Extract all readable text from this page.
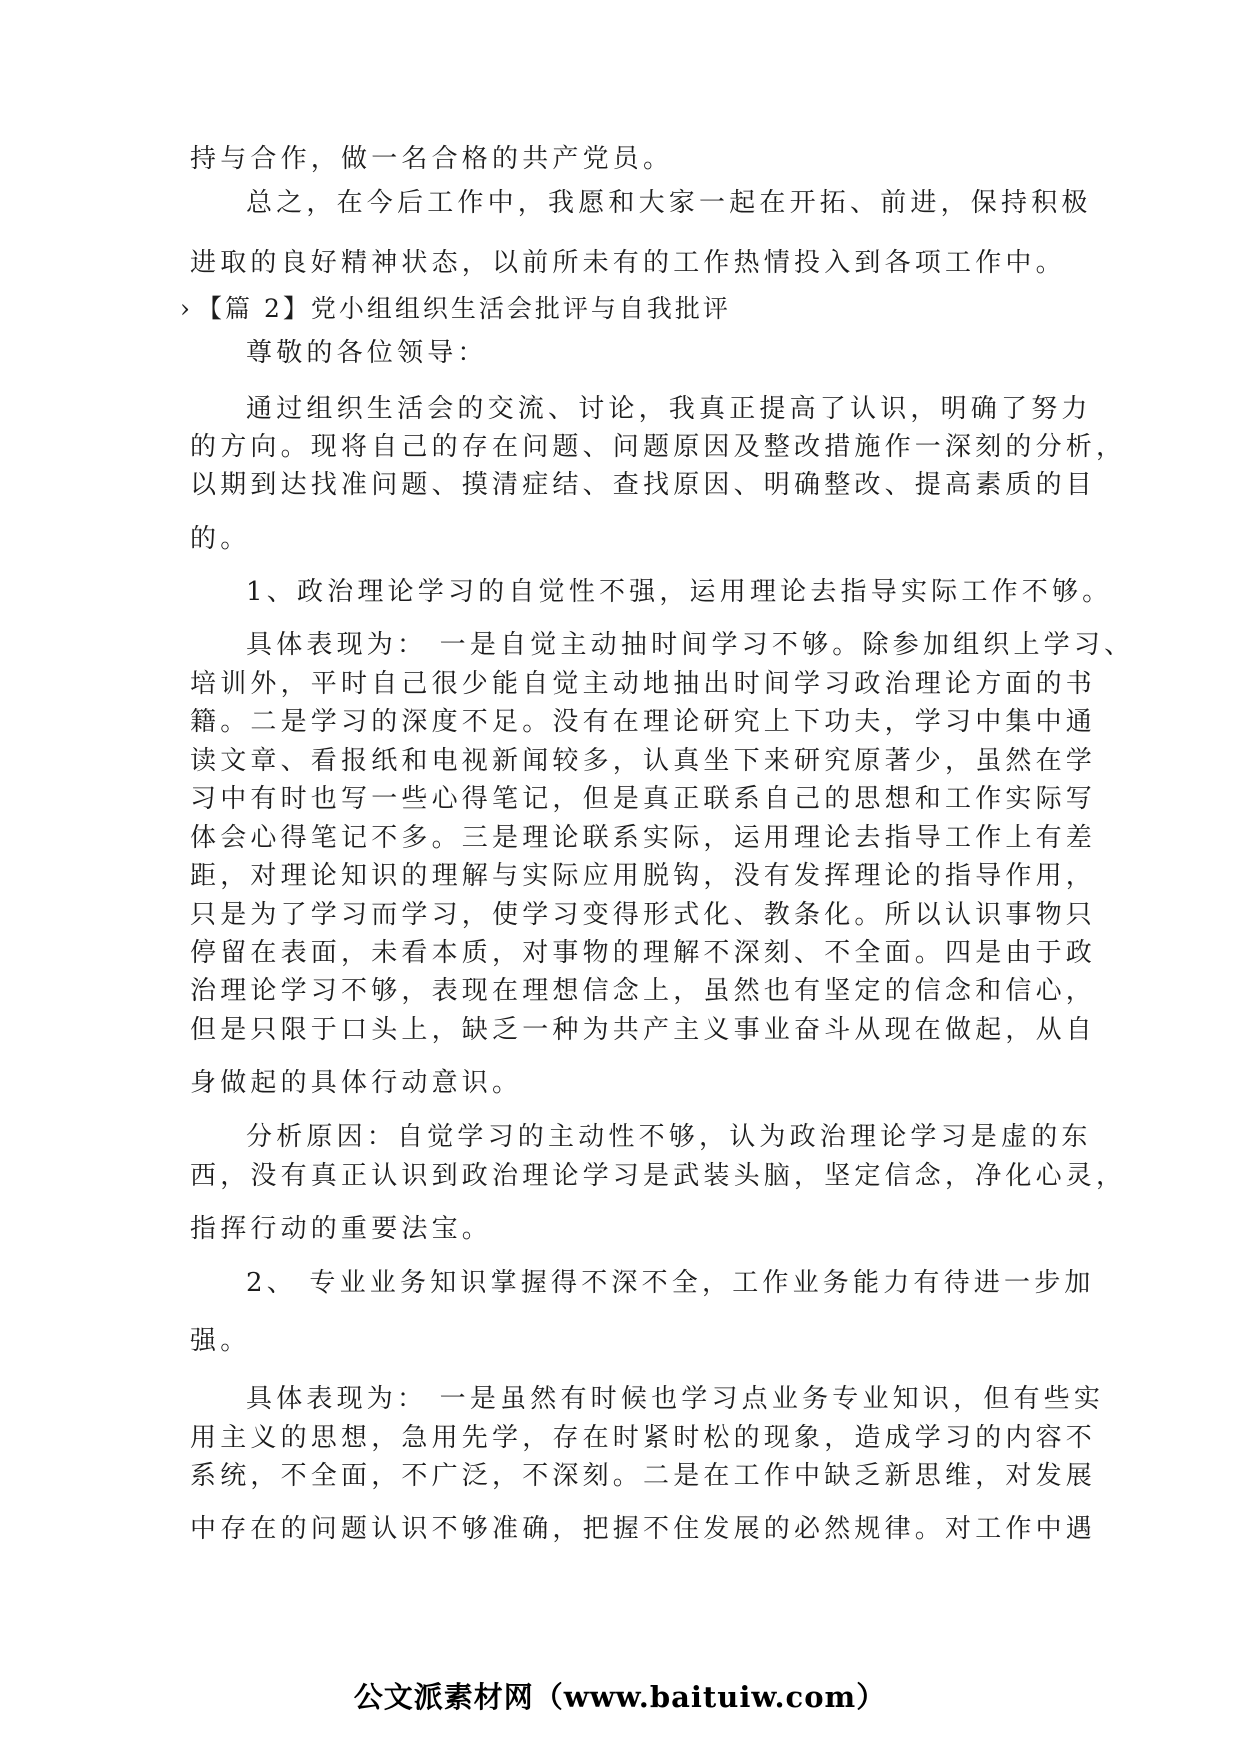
持与合作，做一名合格的共产党员。
总之，在今后工作中，我愿和大家一起在开拓、前进，保持积极
进取的良好精神状态，以前所未有的工作热情投入到各项工作中。
› 【篇 2】党小组组织生活会批评与自我批评
尊敬的各位领导：
通过组织生活会的交流、讨论，我真正提高了认识，明确了努力
的方向。现将自己的存在问题、问题原因及整改措施作一深刻的分析，
以期到达找准问题、摸清症结、查找原因、明确整改、提高素质的目
的。
1、政治理论学习的自觉性不强，运用理论去指导实际工作不够。
具体表现为： 一是自觉主动抽时间学习不够。除参加组织上学习、
培训外，平时自己很少能自觉主动地抽出时间学习政治理论方面的书
籍。二是学习的深度不足。没有在理论研究上下功夫，学习中集中通
读文章、看报纸和电视新闻较多，认真坐下来研究原著少，虽然在学
习中有时也写一些心得笔记，但是真正联系自己的思想和工作实际写
体会心得笔记不多。三是理论联系实际，运用理论去指导工作上有差
距，对理论知识的理解与实际应用脱钩，没有发挥理论的指导作用，
只是为了学习而学习，使学习变得形式化、教条化。所以认识事物只
停留在表面，未看本质，对事物的理解不深刻、不全面。四是由于政
治理论学习不够，表现在理想信念上，虽然也有坚定的信念和信心，
但是只限于口头上，缺乏一种为共产主义事业奋斗从现在做起，从自
身做起的具体行动意识。
分析原因：自觉学习的主动性不够，认为政治理论学习是虚的东
西，没有真正认识到政治理论学习是武装头脑，坚定信念，净化心灵，
指挥行动的重要法宝。
2、 专业业务知识掌握得不深不全，工作业务能力有待进一步加
强。
具体表现为： 一是虽然有时候也学习点业务专业知识，但有些实
用主义的思想，急用先学，存在时紧时松的现象，造成学习的内容不
系统，不全面，不广泛，不深刻。二是在工作中缺乏新思维，对发展
中存在的问题认识不够准确，把握不住发展的必然规律。对工作中遇
公文派素材网（www.baituiw.com）
